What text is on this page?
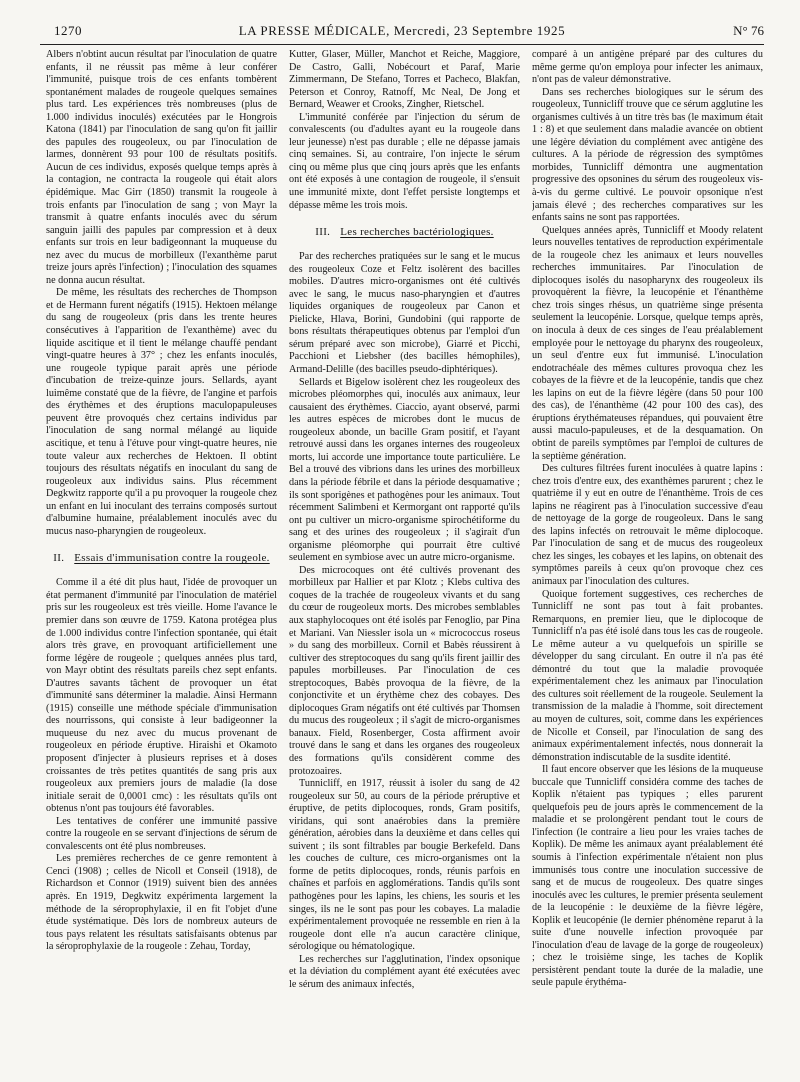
1270	LA PRESSE MÉDICALE, Mercredi, 23 Septembre 1925	N° 76

Albers n'obtint aucun résultat par l'inoculation de quatre enfants, il ne réussit pas même à leur conférer l'immunité, puisque trois de ces enfants tombèrent spontanément malades de rougeole quelques semaines plus tard. Les expériences très nombreuses (plus de 1.000 individus inoculés) exécutées par le Hongrois Katona (1841) par l'inoculation de sang qu'on fit jaillir des papules des rougeoleux, ou par l'inoculation de larmes, donnèrent 93 pour 100 de résultats positifs. Aucun de ces individus, exposés quelque temps après à la contagion, ne contracta la rougeole qui était alors épidémique. Mac Girr (1850) transmit la rougeole à trois enfants par l'inoculation de sang ; von Mayr la transmit à quatre enfants inoculés avec du sérum sanguin jailli des papules par compression et à deux enfants sur trois en leur badigeonnant la muqueuse du nez avec du mucus de morbilleux (l'exanthème parut treize jours après l'infection) ; l'inoculation des squames ne donna aucun résultat.

De même, les résultats des recherches de Thompson et de Hermann furent négatifs (1915). Hektoen mélange du sang de rougeoleux (pris dans les trente heures consécutives à l'apparition de l'exanthème) avec du liquide ascitique et il tient le mélange chauffé pendant vingt-quatre heures à 37° ; chez les enfants inoculés, une rougeole typique parait après une période d'incubation de treize-quinze jours. Sellards, ayant luimême constaté que de la fièvre, de l'angine et parfois des érythèmes et des éruptions maculopapuleuses peuvent être provoqués chez certains individus par l'inoculation de sang normal mélangé au liquide ascitique, et tenu à l'étuve pour vingt-quatre heures, nie toute valeur aux recherches de Hektoen. Il obtint toujours des résultats négatifs en inoculant du sang de rougeoleux aux individus sains. Plus récemment Degkwitz rapporte qu'il a pu provoquer la rougeole chez un enfant en lui inoculant des terrains composés surtout d'albumine humaine, préalablement inoculés avec du mucus naso-pharyngien de rougeoleux.

II. Essais d'immunisation contre la rougeole.

Comme il a été dit plus haut, l'idée de provoquer un état permanent d'immunité par l'inoculation de matériel pris sur les rougeoleux est très vieille. Home l'avance le premier dans son œuvre de 1759. Katona protégea plus de 1.000 individus contre l'infection spontanée, qui était alors très grave, en provoquant artificiellement une forme légère de rougeole ; quelques années plus tard, von Mayr obtint des résultats pareils chez sept enfants. D'autres savants tâchent de provoquer un état d'immunité sans déterminer la maladie. Ainsi Hermann (1915) conseille une méthode spéciale d'immunisation des nourrissons, qui consiste à leur badigeonner la muqueuse du nez avec du mucus provenant de rougeoleux en période éruptive. Hiraishi et Okamoto proposent d'injecter à plusieurs reprises et à doses croissantes de très petites quantités de sang pris aux rougeoleux aux premiers jours de maladie (la dose initiale serait de 0,0001 cmc) : les résultats qu'ils ont obtenus n'ont pas toujours été favorables.

Les tentatives de conférer une immunité passive contre la rougeole en se servant d'injections de sérum de convalescents ont été plus nombreuses.

Les premières recherches de ce genre remontent à Cenci (1908) ; celles de Nicoll et Conseil (1918), de Richardson et Connor (1919) suivent bien des années après. En 1919, Degkwitz expérimenta largement la méthode de la séroprophylaxie, il en fit l'objet d'une étude systématique. Dès lors de nombreux auteurs de tous pays relatent les résultats satisfaisants obtenus par la séroprophylaxie de la rougeole : Zehau, Torday,

Kutter, Glaser, Müller, Manchot et Reiche, Maggiore, De Castro, Galli, Nobécourt et Paraf, Marie Zimmermann, De Stefano, Torres et Pacheco, Blakfan, Peterson et Conroy, Ratnoff, Mc Neal, De Jong et Bernard, Weawer et Crooks, Zingher, Rietschel.

L'immunité conférée par l'injection du sérum de convalescents (ou d'adultes ayant eu la rougeole dans leur jeunesse) n'est pas durable ; elle ne dépasse jamais cinq semaines. Si, au contraire, l'on injecte le sérum cinq ou même plus que cinq jours après que les enfants ont été exposés à une contagion de rougeole, il s'ensuit une immunité mixte, dont l'effet persiste longtemps et dépasse même les trois mois.

III. Les recherches bactériologiques.

Par des recherches pratiquées sur le sang et le mucus des rougeoleux Coze et Feltz isolèrent des bacilles mobiles. D'autres micro-organismes ont été cultivés avec le sang, le mucus naso-pharyngien et d'autres liquides organiques de rougeoleux par Canon et Pielicke, Hlava, Borini, Gundobini (qui rapporte de bons résultats thérapeutiques obtenus par l'emploi d'un sérum préparé avec son microbe), Giarré et Picchi, Pacchioni et Liebsher (des bacilles hémophiles), Armand-Delille (des bacilles pseudo-diphtériques).

Sellards et Bigelow isolèrent chez les rougeoleux des microbes pléomorphes qui, inoculés aux animaux, leur causaient des érythèmes. Ciaccio, ayant observé, parmi les autres espèces de microbes dont le mucus de rougeoleux abonde, un bacille Gram positif, et l'ayant retrouvé aussi dans les organes internes des rougeoleux morts, lui accorde une importance toute particulière. Le Bel a trouvé des vibrions dans les urines des morbilleux dans la période fébrile et dans la période desquamative ; ils sont sporigènes et pathogènes pour les animaux. Tout récemment Salimbeni et Kermorgant ont rapporté qu'ils ont pu cultiver un micro-organisme spirochétiforme du sang et des urines des rougeoleux ; il s'agirait d'un organisme pléomorphe qui pourrait être cultivé seulement en symbiose avec un autre micro-organisme.

Des microcoques ont été cultivés provenant des morbilleux par Hallier et par Klotz ; Klebs cultiva des coques de la trachée de rougeoleux vivants et du sang du cœur de rougeoleux morts. Des microbes semblables aux staphylocoques ont été isolés par Fenoglio, par Pina et Mariani. Van Niessler isola un « micrococcus roseus » du sang des morbilleux. Cornil et Babès réussirent à cultiver des streptocoques du sang qu'ils firent jaillir des papules morbilleuses. Par l'inoculation de ces streptocoques, Babès provoqua de la fièvre, de la conjonctivite et un érythème chez des cobayes. Des diplocoques Gram négatifs ont été cultivés par Thomsen du mucus des rougeoleux ; il s'agit de micro-organismes banaux. Field, Rosenberger, Costa affirment avoir trouvé dans le sang et dans les organes des rougeoleux des formations qu'ils considèrent comme des protozoaires.

Tunnicliff, en 1917, réussit à isoler du sang de 42 rougeoleux sur 50, au cours de la période préruptive et éruptive, de petits diplocoques, ronds, Gram positifs, viridans, qui sont anaérobies dans la première génération, aérobies dans la deuxième et dans celles qui suivent ; ils sont filtrables par bougie Berkefeld. Dans les couches de culture, ces micro-organismes ont la forme de petits diplocoques, ronds, réunis parfois en chaînes et parfois en agglomérations. Tandis qu'ils sont pathogènes pour les lapins, les chiens, les souris et les singes, ils ne le sont pas pour les cobayes. La maladie expérimentalement provoquée ne ressemble en rien à la rougeole dont elle n'a aucun caractère clinique, sérologique ou hématologique.

Les recherches sur l'agglutination, l'index opsonique et la déviation du complément ayant été exécutées avec le sérum des animaux infectés,

comparé à un antigène préparé par des cultures du même germe qu'on employa pour infecter les animaux, n'ont pas de valeur démonstrative.

Dans ses recherches biologiques sur le sérum des rougeoleux, Tunnicliff trouve que ce sérum agglutine les organismes cultivés à un titre très bas (le maximum était 1 : 8) et que seulement dans maladie avancée on obtient une légère déviation du complément avec antigène des cultures. A la période de régression des symptômes morbides, Tunnicliff démontra une augmentation progressive des opsonines du sérum des rougeoleux vis-à-vis du germe cultivé. Le pouvoir opsonique n'est jamais élevé ; des recherches comparatives sur les enfants sains ne sont pas rapportées.

Quelques années après, Tunnicliff et Moody relatent leurs nouvelles tentatives de reproduction expérimentale de la rougeole chez les animaux et leurs nouvelles recherches immunitaires. Par l'inoculation de diplocoques isolés du nasopharynx des rougeoleux ils provoquèrent la fièvre, la leucopénie et l'énanthème chez trois singes rhésus, un quatrième singe présenta seulement la leucopénie. Lorsque, quelque temps après, on inocula à deux de ces singes de l'eau préalablement employée pour le nettoyage du pharynx des rougeoleux, un seul d'entre eux fut immunisé. L'inoculation endotrachéale des mêmes cultures provoqua chez les cobayes de la fièvre et de la leucopénie, tandis que chez les lapins on eut de la fièvre légère (dans 50 pour 100 des cas), de l'énanthème (42 pour 100 des cas), des éruptions érythémateuses répandues, qui pouvaient être aussi maculo-papuleuses, et de la desquamation. On obtint de pareils symptômes par l'emploi de cultures de la septième génération.

Des cultures filtrées furent inoculées à quatre lapins : chez trois d'entre eux, des exanthèmes parurent ; chez le quatrième il y eut en outre de l'énanthème. Trois de ces lapins ne réagirent pas à l'inoculation successive d'eau de nettoyage de la gorge de rougeoleux. Dans le sang des lapins infectés on retrouvait le même diplocoque. Par l'inoculation de sang et de mucus des rougeoleux chez les singes, les cobayes et les lapins, on obtenait des symptômes pareils à ceux qu'on provoque chez ces animaux par l'inoculation des cultures.

Quoique fortement suggestives, ces recherches de Tunnicliff ne sont pas tout à fait probantes. Remarquons, en premier lieu, que le diplocoque de Tunnicliff n'a pas été isolé dans tous les cas de rougeole. Le même auteur a vu quelquefois un spirille se développer du sang circulant. En outre il n'a pas été démontré du tout que la maladie provoquée expérimentalement chez les animaux par l'inoculation des cultures soit réellement de la rougeole. Seulement la transmission de la maladie à l'homme, soit directement au moyen de cultures, soit, comme dans les expériences de Nicolle et Conseil, par l'inoculation de sang des animaux expérimentalement infectés, nous donnerait la démonstration indiscutable de la susdite identité.

Il faut encore observer que les lésions de la muqueuse buccale que Tunnicliff considéra comme des taches de Koplik n'étaient pas typiques ; elles parurent quelquefois peu de jours après le commencement de la maladie et se prolongèrent pendant tout le cours de l'infection (le contraire a lieu pour les vraies taches de Koplik). De même les animaux ayant préalablement été soumis à l'infection expérimentale n'étaient non plus immunisés tous contre une inoculation successive de sang et de mucus de rougeoleux. Des quatre singes inoculés avec les cultures, le premier présenta seulement de la leucopénie : le deuxième de la fièvre légère, Koplik et leucopénie (le dernier phénomène reparut à la suite d'une nouvelle infection provoquée par l'inoculation d'eau de lavage de la gorge de rougeoleux) ; chez le troisième singe, les taches de Koplik persistèrent pendant toute la durée de la maladie, une seule papule érythéma-
